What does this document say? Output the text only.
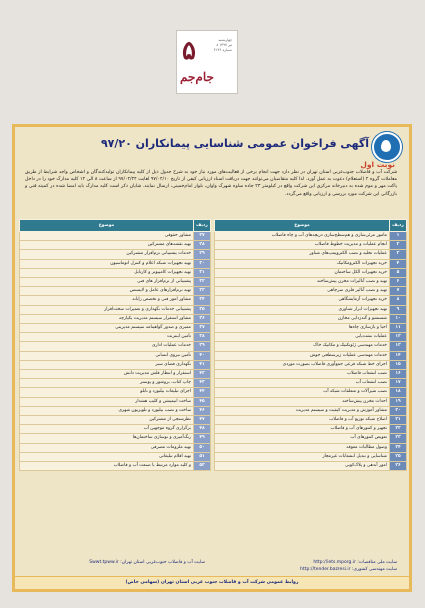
۵	چهارشنبه
۸ تیر ۱۳۹۷
شماره ۴۱۳۶
جام‌جم
آگهی فراخوان عمومی شناسایی پیمانکاران ۹۷/۲۰
نوبت اول
شرکت آب و فاضلاب جنوب‌غربی استان تهران در نظر دارد جهت انجام برخی از فعالیت‌های مورد نیاز خود به شرح جدول ذیل از کلیه پیمانکاران تولیدکنندگان و اشخاص واجد شرایط از طریق معاملات گروه ۲ (استعلام) دعوت به عمل آورد. لذا کلیه متقاضیان می‌توانند جهت دریافت اسناد ارزیابی کیفی از تاریخ ۹۷/۰۴/۱۰ لغایت ۹۷/۰۴/۲۴ از ساعت ۸ الی ۱۴ کلیه مدارک خود را در داخل پاکت مهر و موم شده به دبیرخانه مرکزی این شرکت واقع در کیلومتر ۲۳ جاده ساوه شهرک واوان، بلوار امام‌خمینی، ارسال نمایند. شایان ذکر است کلیه مدارک باید امضا شده در کمیته فنی و بازرگانی این شرکت مورد بررسی و ارزیابی واقع می‌گردد.
ردیف	موضوع
۱	مامور مرئی‌سازی و هم‌سطح‌سازی دریچه‌های آب و چاه فاضلاب
۲	انجام عملیات و مدیریت خطوط فاضلاب
۳	عملیات تخلیه و نصب الکتروپمپ‌های شناور
۴	خرید تجهیزات الکترومکانیک
۵	خرید تجهیزات الکل ساختمان
۶	تهیه و نصب آنالیزات مخزن پیش‌ساخته
۷	تهیه و نصب آنالیز فلزی سرچاهی
۸	خرید تجهیزات آزمایشگاهی
۹	تهیه تجهیزات ابزار شناوری
۱۰	شستشو و گندزدایی مخازن
۱۱	احیا و بازسازی چاه‌ها
۱۲	عملیات نشت‌یابی
۱۳	خدمات مهندسی ژئوتکنیک و مکانیک خاک
۱۴	خدمات مهندسی عملیات زیرسطحی جوش
۱۵	اجرای خط شبکه فرعی جمع‌آوری فاضلاب بصورت موردی
۱۶	نصب انشعاب فاضلاب
۱۷	نصب انشعاب آب
۱۸	نصب شیرآلات و متعلقات شبکه آب
۱۹	احداث مخزن پیش‌ساخته
۲۰	مشاور آموزش و مدیریت کیفیت و سیستم مدیریت
۲۱	اصلاح شبکه توزیع آب و فاضلاب
۲۲	تجهیز و کنتورهای آب و فاضلاب
۲۳	تعویض کنتورهای آب
۲۴	وصول مطالبات معوقه
۲۵	شناسایی و تبدیل انشعابات غیرمجاز
۲۶	امور آبدهی و پلاک‌کوبی
ردیف	موضوع
۲۷	مشاور حقوقی
۲۸	تهیه نقشه‌های مشترکین
۲۹	خدمات پشتیبانی نرم‌افزار مشترکین
۳۰	تهیه تجهیزات شبکه اعلام و کنترل اتوماسیون
۳۱	تهیه تجهیزات کامپیوتر و کارتابل
۳۲	پشتیبانی از نرم‌افزار های فنی
۳۳	تهیه نرم‌افزارهای عامل و لایسنس
۳۴	مشاور امور فنی و تخصص رایانه
۳۵	پشتیبانی خدمات نگهداری و تعمیرات سخت‌افزار
۳۶	مشاور استقرار سیستم مدیریت یکپارچه
۳۷	ممیزی و صدور گواهینامه سیستم مدیریتی
۳۸	تأمین اینترنت
۳۹	خدمات عملیات اداری
۴۰	تأمین نیروی انسانی
۴۱	نگهداری فضای سبز
۴۲	استقرار و انتظار فلش مدیریت دانش
۴۳	چاپ کتاب، بروشور و پوستر
۴۴	اجرای تبلیغات بیلبورد و تابلو
۴۵	ساخت انیمیشن و کلیپ هشدار
۴۶	ساخت و نصب بیلبورد و تلویزیون شهری
۴۷	نظرسنجی از مشترکین
۴۸	برگزاری گروه موجهین آب
۴۹	رنگ‌آمیزی و نوسازی ساختمان‌ها
۵۰	تهیه ملزومات مصرفی
۵۱	تهیه اقلام تبلیغاتی
۵۲	و کلیه موارد مرتبط با صنعت آب و فاضلاب
سایت ملی مناقصات: http://iets.mporg.ir
سایت مهندسی کشوری: http://tender.bazresi.ir
سایت آب و فاضلاب جنوب‌غربی استان تهران: Swwt.tpww.ir
روابط عمومی شرکت آب و فاضلاب جنوب غربی استان تهران (سهامی خاص)
